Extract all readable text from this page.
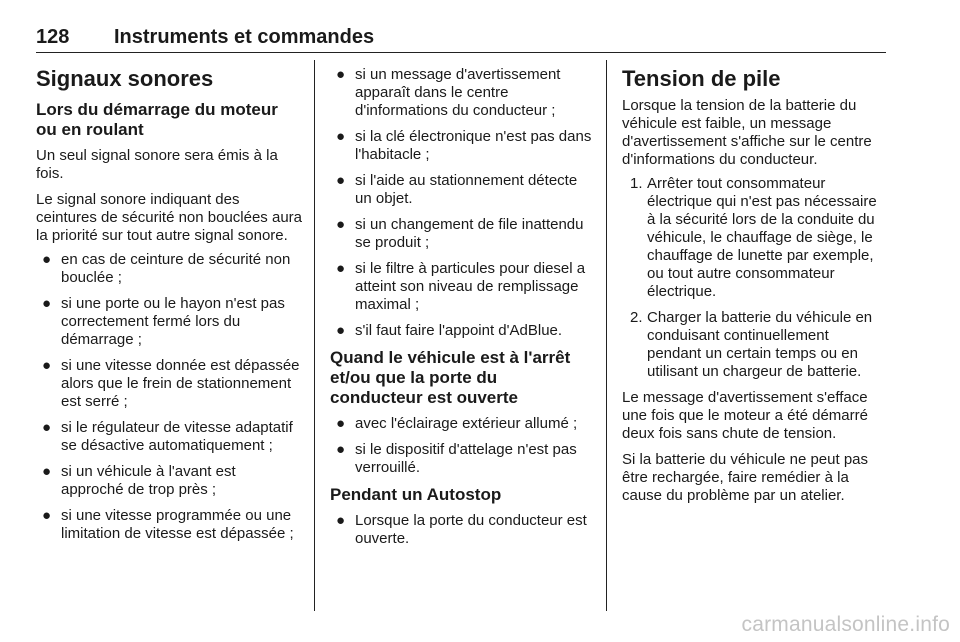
128 Instruments et commandes
Signaux sonores
Lors du démarrage du moteur ou en roulant
Un seul signal sonore sera émis à la fois.
Le signal sonore indiquant des ceintures de sécurité non bouclées aura la priorité sur tout autre signal sonore.
● en cas de ceinture de sécurité non bouclée ;
● si une porte ou le hayon n'est pas correctement fermé lors du démarrage ;
● si une vitesse donnée est dépassée alors que le frein de stationnement est serré ;
● si le régulateur de vitesse adaptatif se désactive automatiquement ;
● si un véhicule à l'avant est approché de trop près ;
● si une vitesse programmée ou une limitation de vitesse est dépassée ;
● si un message d'avertissement apparaît dans le centre d'informations du conducteur ;
● si la clé électronique n'est pas dans l'habitacle ;
● si l'aide au stationnement détecte un objet.
● si un changement de file inattendu se produit ;
● si le filtre à particules pour diesel a atteint son niveau de remplissage maximal ;
● s'il faut faire l'appoint d'AdBlue.
Quand le véhicule est à l'arrêt et/ou que la porte du conducteur est ouverte
● avec l'éclairage extérieur allumé ;
● si le dispositif d'attelage n'est pas verrouillé.
Pendant un Autostop
● Lorsque la porte du conducteur est ouverte.
Tension de pile
Lorsque la tension de la batterie du véhicule est faible, un message d'avertissement s'affiche sur le centre d'informations du conducteur.
1. Arrêter tout consommateur électrique qui n'est pas nécessaire à la sécurité lors de la conduite du véhicule, le chauffage de siège, le chauffage de lunette par exemple, ou tout autre consommateur électrique.
2. Charger la batterie du véhicule en conduisant continuellement pendant un certain temps ou en utilisant un chargeur de batterie.
Le message d'avertissement s'efface une fois que le moteur a été démarré deux fois sans chute de tension.
Si la batterie du véhicule ne peut pas être rechargée, faire remédier à la cause du problème par un atelier.
carmanualsonline.info
